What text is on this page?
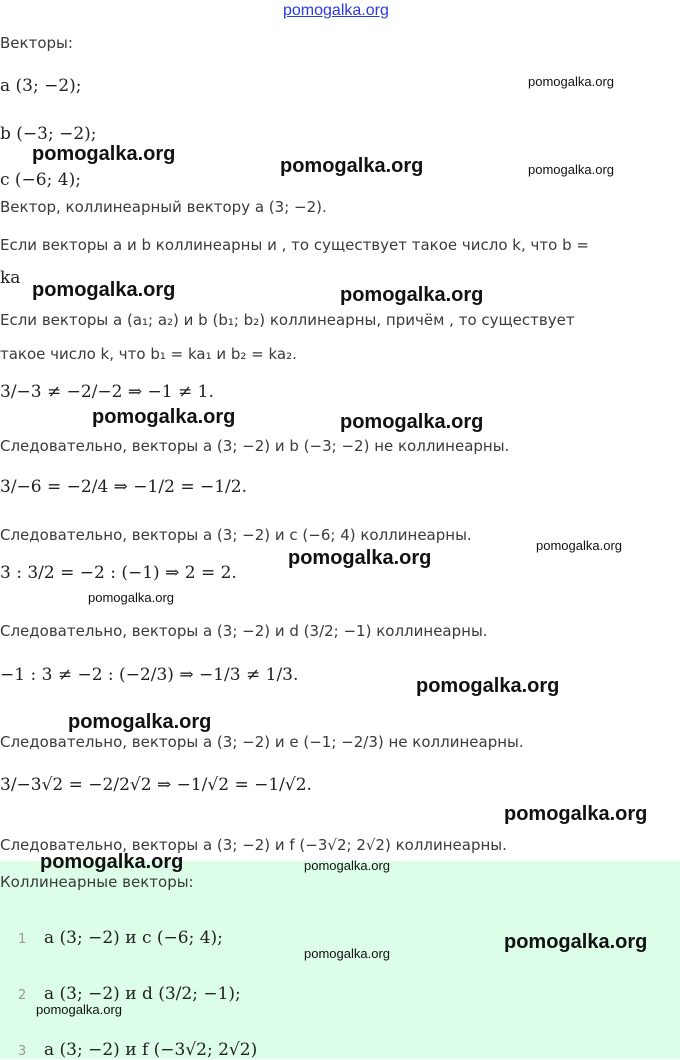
pomogalka.org
Векторы:
a (3; −2);
b (−3; −2);
c (−6; 4);
Вектор, коллинеарный вектору a (3; −2).
Если векторы a и b коллинеарны и , то существует такое число k, что b =
ka
Если векторы a (a₁; a₂) и b (b₁; b₂) коллинеарны, причём , то существует
такое число k, что b₁ = ka₁ и b₂ = ka₂.
3/−3 ≠ −2/−2 ⇒ −1 ≠ 1.
Следовательно, векторы a (3; −2) и b (−3; −2) не коллинеарны.
3/−6 = −2/4 ⇒ −1/2 = −1/2.
Следовательно, векторы a (3; −2) и c (−6; 4) коллинеарны.
3 : 3/2 = −2 : (−1) ⇒ 2 = 2.
Следовательно, векторы a (3; −2) и d (3/2; −1) коллинеарны.
−1 : 3 ≠ −2 : (−2/3) ⇒ −1/3 ≠ 1/3.
Следовательно, векторы a (3; −2) и e (−1; −2/3) не коллинеарны.
3/−3√2 = −2/2√2 ⇒ −1/√2 = −1/√2.
Следовательно, векторы a (3; −2) и f (−3√2; 2√2) коллинеарны.
Коллинеарные векторы:
1 a (3; −2) и c (−6; 4);
2 a (3; −2) и d (3/2; −1);
3 a (3; −2) и f (−3√2; 2√2)
pomogalka.org
pomogalka.org
pomogalka.org	pomogalka.org
pomogalka.org	pomogalka.org
pomogalka.org	pomogalka.org
pomogalka.org
pomogalka.org
pomogalka.org
pomogalka.org
pomogalka.org
pomogalka.org
pomogalka.org	pomogalka.org
pomogalka.org
pomogalka.org
pomogalka.org
